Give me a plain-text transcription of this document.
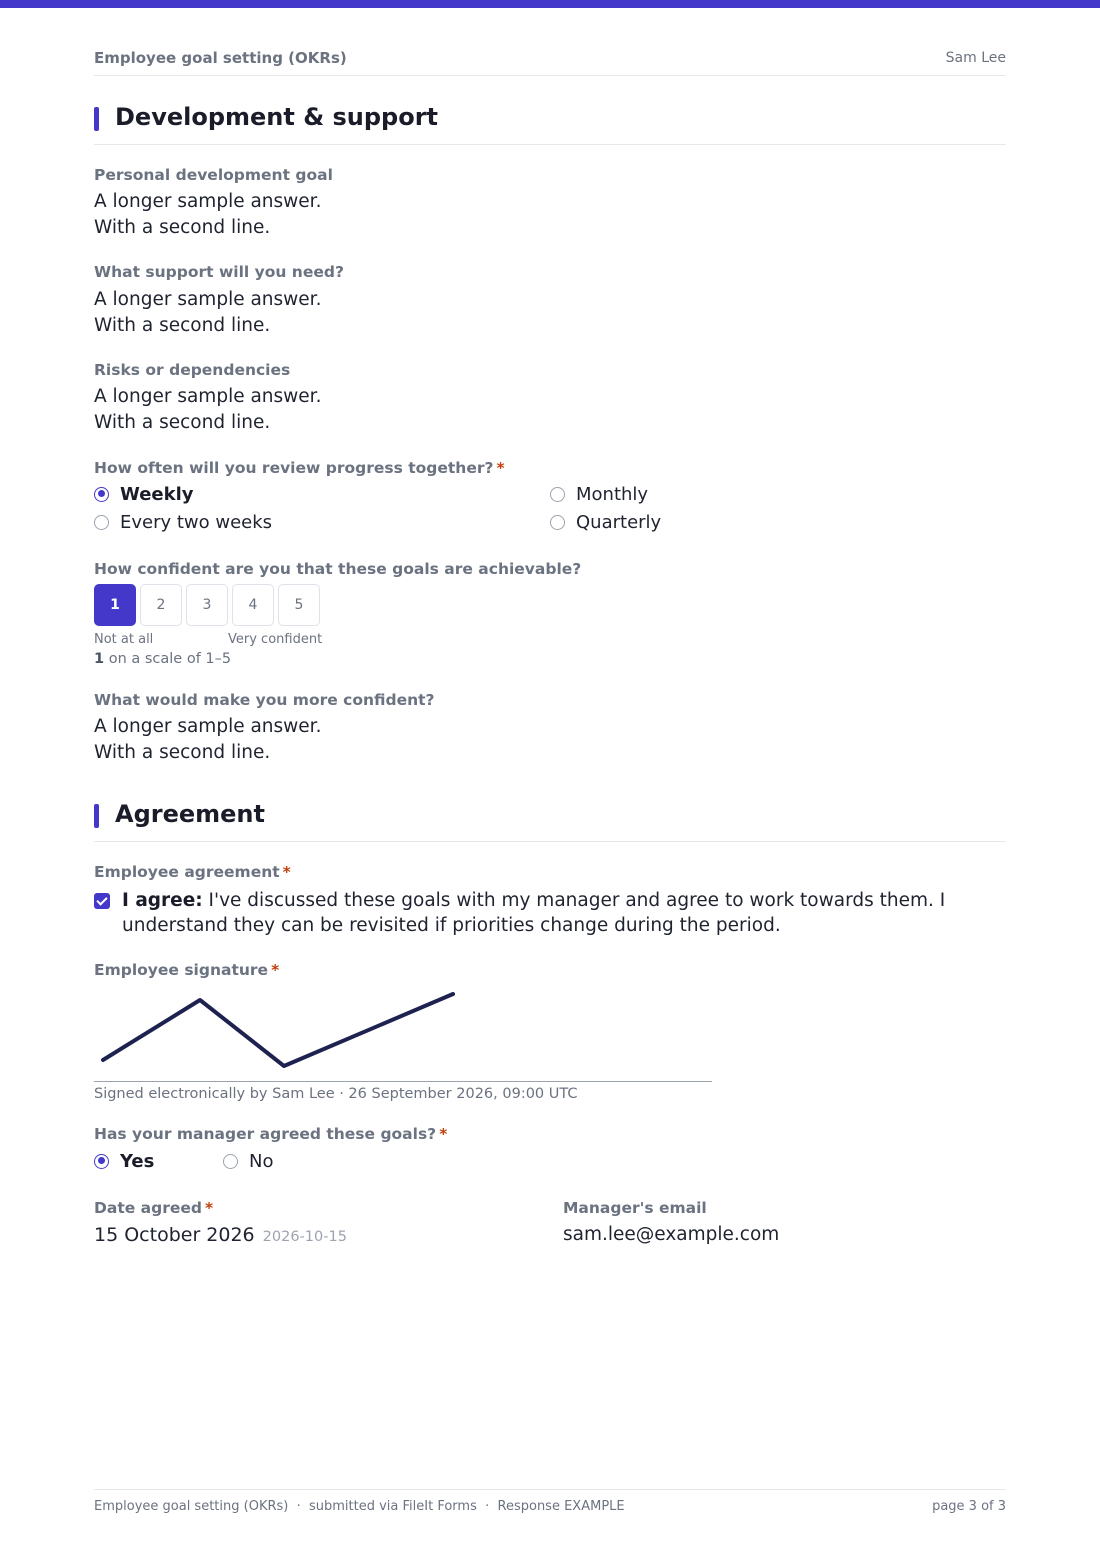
Employee goal setting (OKRs)	Sam Lee
Development & support
Personal development goal
A longer sample answer.
With a second line.
What support will you need?
A longer sample answer.
With a second line.
Risks or dependencies
A longer sample answer.
With a second line.
How often will you review progress together? *
Weekly	Monthly
Every two weeks	Quarterly
How confident are you that these goals are achievable?
1	2	3	4	5
Not at all	Very confident
1 on a scale of 1–5
What would make you more confident?
A longer sample answer.
With a second line.
Agreement
Employee agreement *
I agree: I've discussed these goals with my manager and agree to work towards them. I understand they can be revisited if priorities change during the period.
Employee signature *
Signed electronically by Sam Lee · 26 September 2026, 09:00 UTC
Has your manager agreed these goals? *
Yes	No
Date agreed *
15 October 2026 2026-10-15
Manager's email
sam.lee@example.com
Employee goal setting (OKRs)  ·  submitted via FileIt Forms  ·  Response EXAMPLE	page 3 of 3
